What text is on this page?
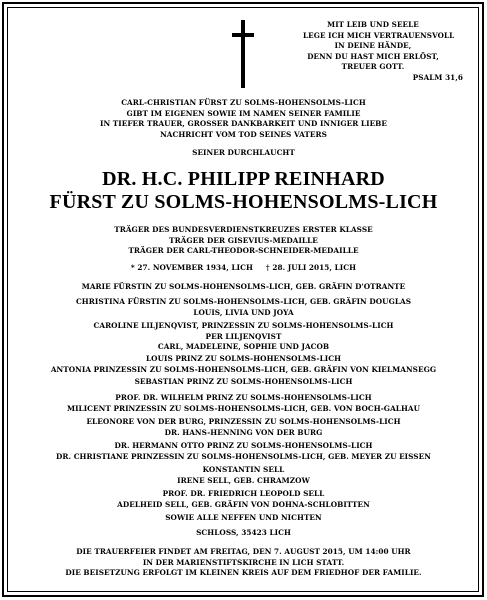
MIT LEIB UND SEELE
LEGE ICH MICH VERTRAUENSVOLL
IN DEINE HÄNDE,
DENN DU HAST MICH ERLÖST,
TREUER GOTT.
PSALM 31,6
CARL-CHRISTIAN FÜRST ZU SOLMS-HOHENSOLMS-LICH
GIBT IM EIGENEN SOWIE IM NAMEN SEINER FAMILIE
IN TIEFER TRAUER, GROSSER DANKBARKEIT UND INNIGER LIEBE
NACHRICHT VOM TOD SEINES VATERS
SEINER DURCHLAUCHT
DR. H.C. PHILIPP REINHARD
FÜRST ZU SOLMS-HOHENSOLMS-LICH
TRÄGER DES BUNDESVERDIENSTKREUZES ERSTER KLASSE
TRÄGER DER GISEVIUS-MEDAILLE
TRÄGER DER CARL-THEODOR-SCHNEIDER-MEDAILLE
* 27. NOVEMBER 1934, LICH     † 28. JULI 2015, LICH
MARIE FÜRSTIN ZU SOLMS-HOHENSOLMS-LICH, GEB. GRÄFIN D'OTRANTE
CHRISTINA FÜRSTIN ZU SOLMS-HOHENSOLMS-LICH, GEB. GRÄFIN DOUGLAS
LOUIS, LIVIA UND JOYA
CAROLINE LILJENQVIST, PRINZESSIN ZU SOLMS-HOHENSOLMS-LICH
PER LILJENQVIST
CARL, MADELEINE, SOPHIE UND JACOB
LOUIS PRINZ ZU SOLMS-HOHENSOLMS-LICH
ANTONIA PRINZESSIN ZU SOLMS-HOHENSOLMS-LICH, GEB. GRÄFIN VON KIELMANSEGG
SEBASTIAN PRINZ ZU SOLMS-HOHENSOLMS-LICH
PROF. DR. WILHELM PRINZ ZU SOLMS-HOHENSOLMS-LICH
MILICENT PRINZESSIN ZU SOLMS-HOHENSOLMS-LICH, GEB. VON BOCH-GALHAU
ELEONORE VON DER BURG, PRINZESSIN ZU SOLMS-HOHENSOLMS-LICH
DR. HANS-HENNING VON DER BURG
DR. HERMANN OTTO PRINZ ZU SOLMS-HOHENSOLMS-LICH
DR. CHRISTIANE PRINZESSIN ZU SOLMS-HOHENSOLMS-LICH, GEB. MEYER ZU EISSEN
KONSTANTIN SELL
IRENE SELL, GEB. CHRAMZOW
PROF. DR. FRIEDRICH LEOPOLD SELL
ADELHEID SELL, GEB. GRÄFIN VON DOHNA-SCHLOBITTEN
SOWIE ALLE NEFFEN UND NICHTEN
SCHLOSS, 35423 LICH
DIE TRAUERFEIER FINDET AM FREITAG, DEN 7. AUGUST 2015, UM 14:00 UHR
IN DER MARIENSTIFTSKIRCHE IN LICH STATT.
DIE BEISETZUNG ERFOLGT IM KLEINEN KREIS AUF DEM FRIEDHOF DER FAMILIE.
